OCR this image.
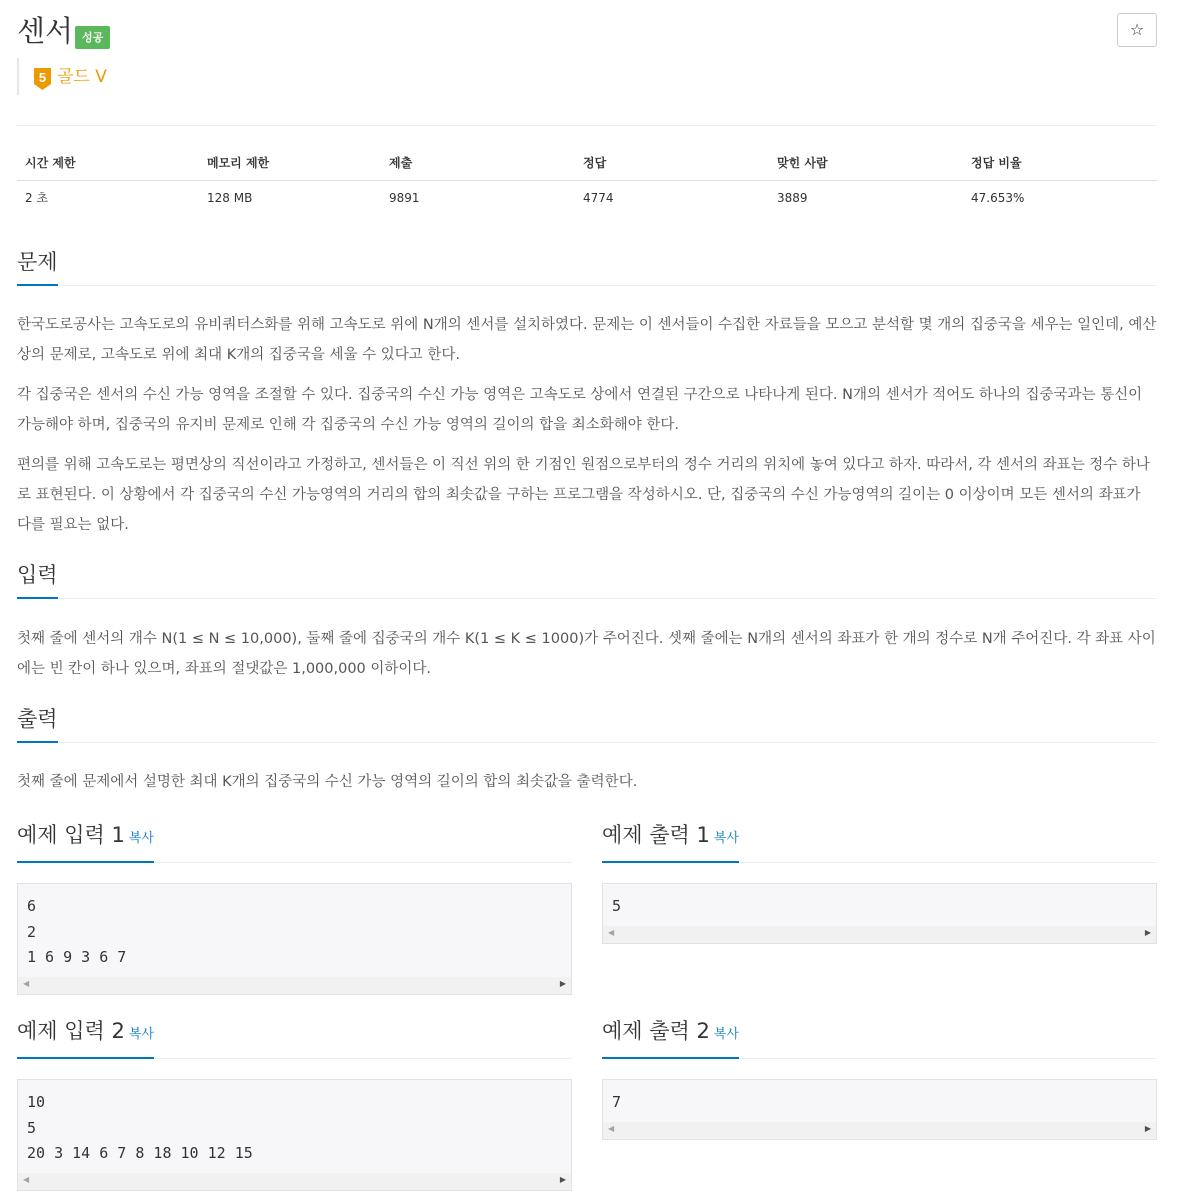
센서 성공	☆
5 골드 V
시간 제한	메모리 제한	제출	정답	맞힌 사람	정답 비율
2 초	128 MB	9891	4774	3889	47.653%
문제
한국도로공사는 고속도로의 유비쿼터스화를 위해 고속도로 위에 N개의 센서를 설치하였다. 문제는 이 센서들이 수집한 자료들을 모으고 분석할 몇 개의 집중국을 세우는 일인데, 예산상의 문제로, 고속도로 위에 최대 K개의 집중국을 세울 수 있다고 한다.
각 집중국은 센서의 수신 가능 영역을 조절할 수 있다. 집중국의 수신 가능 영역은 고속도로 상에서 연결된 구간으로 나타나게 된다. N개의 센서가 적어도 하나의 집중국과는 통신이 가능해야 하며, 집중국의 유지비 문제로 인해 각 집중국의 수신 가능 영역의 길이의 합을 최소화해야 한다.
편의를 위해 고속도로는 평면상의 직선이라고 가정하고, 센서들은 이 직선 위의 한 기점인 원점으로부터의 정수 거리의 위치에 놓여 있다고 하자. 따라서, 각 센서의 좌표는 정수 하나로 표현된다. 이 상황에서 각 집중국의 수신 가능영역의 거리의 합의 최솟값을 구하는 프로그램을 작성하시오. 단, 집중국의 수신 가능영역의 길이는 0 이상이며 모든 센서의 좌표가 다를 필요는 없다.
입력
첫째 줄에 센서의 개수 N(1 ≤ N ≤ 10,000), 둘째 줄에 집중국의 개수 K(1 ≤ K ≤ 1000)가 주어진다. 셋째 줄에는 N개의 센서의 좌표가 한 개의 정수로 N개 주어진다. 각 좌표 사이에는 빈 칸이 하나 있으며, 좌표의 절댓값은 1,000,000 이하이다.
출력
첫째 줄에 문제에서 설명한 최대 K개의 집중국의 수신 가능 영역의 길이의 합의 최솟값을 출력한다.
예제 입력 1 복사	예제 출력 1 복사
6
2
1 6 9 3 6 7
◀	▶
5
◀	▶
예제 입력 2 복사	예제 출력 2 복사
10
5
20 3 14 6 7 8 18 10 12 15
◀	▶
7
◀	▶
